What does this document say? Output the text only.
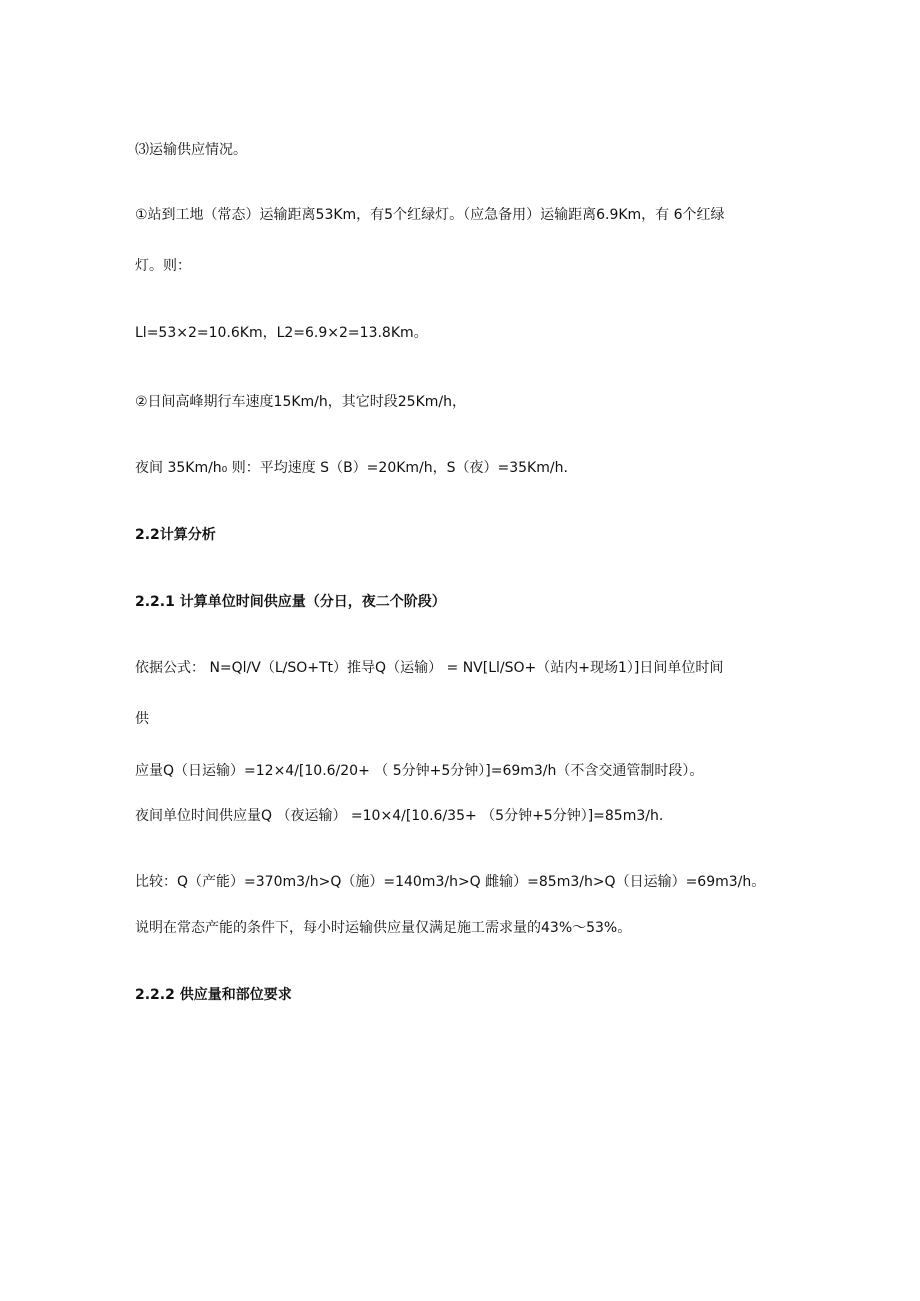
⑶运输供应情况。
①站到工地（常态）运输距离53Km，有5个红绿灯。（应急备用）运输距离6.9Km，有 6个红绿
灯。则：
Ll=53×2=10.6Km，L2=6.9×2=13.8Km。
②日间高峰期行车速度15Km∕h，其它时段25Km∕h，
夜间 35Km∕h₀ 则：平均速度 S（B）=20Km∕h，S（夜）=35Km∕h.
2.2计算分析
2.2.1 计算单位时间供应量（分日，夜二个阶段）
依据公式： N=Ql∕V（L∕SO+Tt）推导Q（运输） = NV[Ll∕SO+（站内+现场1）]日间单位时间
供
应量Q（日运输）=12×4∕[10.6∕20+ （ 5分钟+5分钟）]=69m3∕h（不含交通管制时段）。
夜间单位时间供应量Q （夜运输） =10×4∕[10.6∕35+ （5分钟+5分钟）]=85m3∕h.
比较：Q（产能）=370m3∕h>Q（施）=140m3∕h>Q 雌输）=85m3∕h>Q（日运输）=69m3∕h。
说明在常态产能的条件下，每小时运输供应量仅满足施工需求量的43%～53%。
2.2.2 供应量和部位要求
